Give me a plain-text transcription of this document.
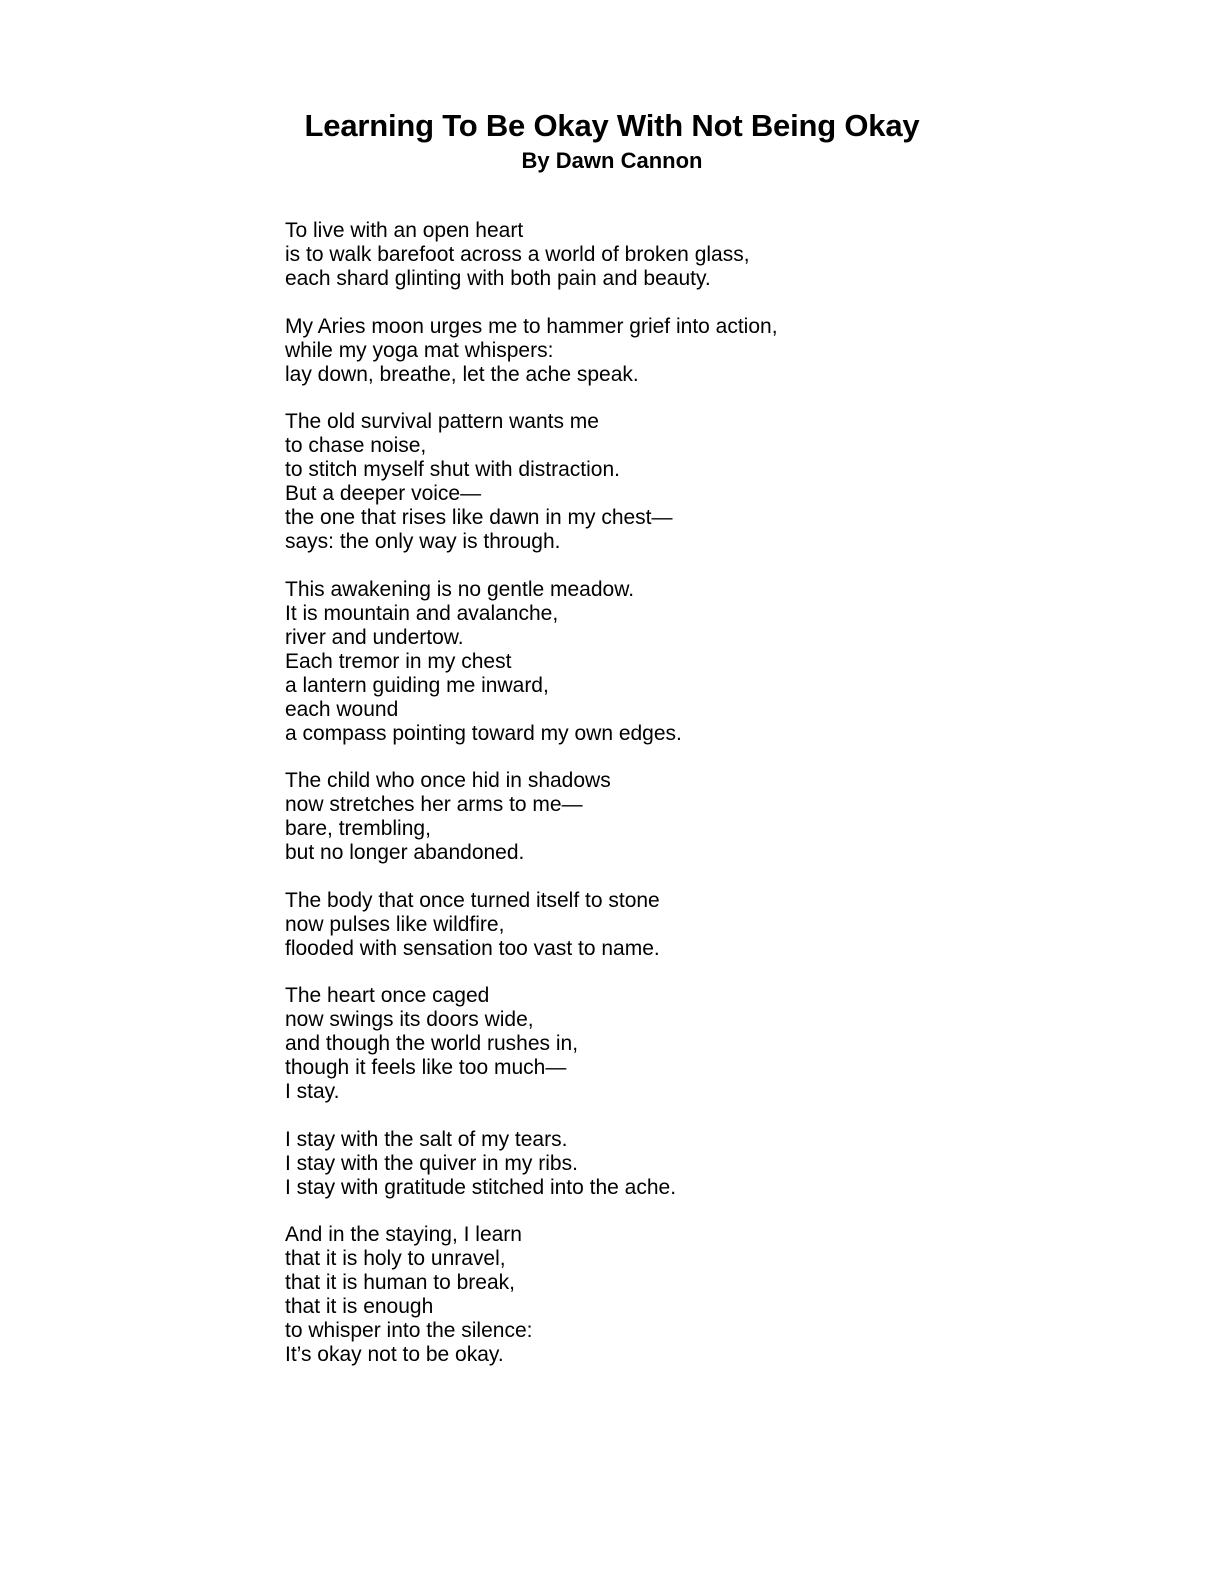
Learning To Be Okay With Not Being Okay
By Dawn Cannon
To live with an open heart
is to walk barefoot across a world of broken glass,
each shard glinting with both pain and beauty.
My Aries moon urges me to hammer grief into action,
while my yoga mat whispers:
lay down, breathe, let the ache speak.
The old survival pattern wants me
to chase noise,
to stitch myself shut with distraction.
But a deeper voice—
the one that rises like dawn in my chest—
says: the only way is through.
This awakening is no gentle meadow.
It is mountain and avalanche,
river and undertow.
Each tremor in my chest
a lantern guiding me inward,
each wound
a compass pointing toward my own edges.
The child who once hid in shadows
now stretches her arms to me—
bare, trembling,
but no longer abandoned.
The body that once turned itself to stone
now pulses like wildfire,
flooded with sensation too vast to name.
The heart once caged
now swings its doors wide,
and though the world rushes in,
though it feels like too much—
I stay.
I stay with the salt of my tears.
I stay with the quiver in my ribs.
I stay with gratitude stitched into the ache.
And in the staying, I learn
that it is holy to unravel,
that it is human to break,
that it is enough
to whisper into the silence:
It’s okay not to be okay.
